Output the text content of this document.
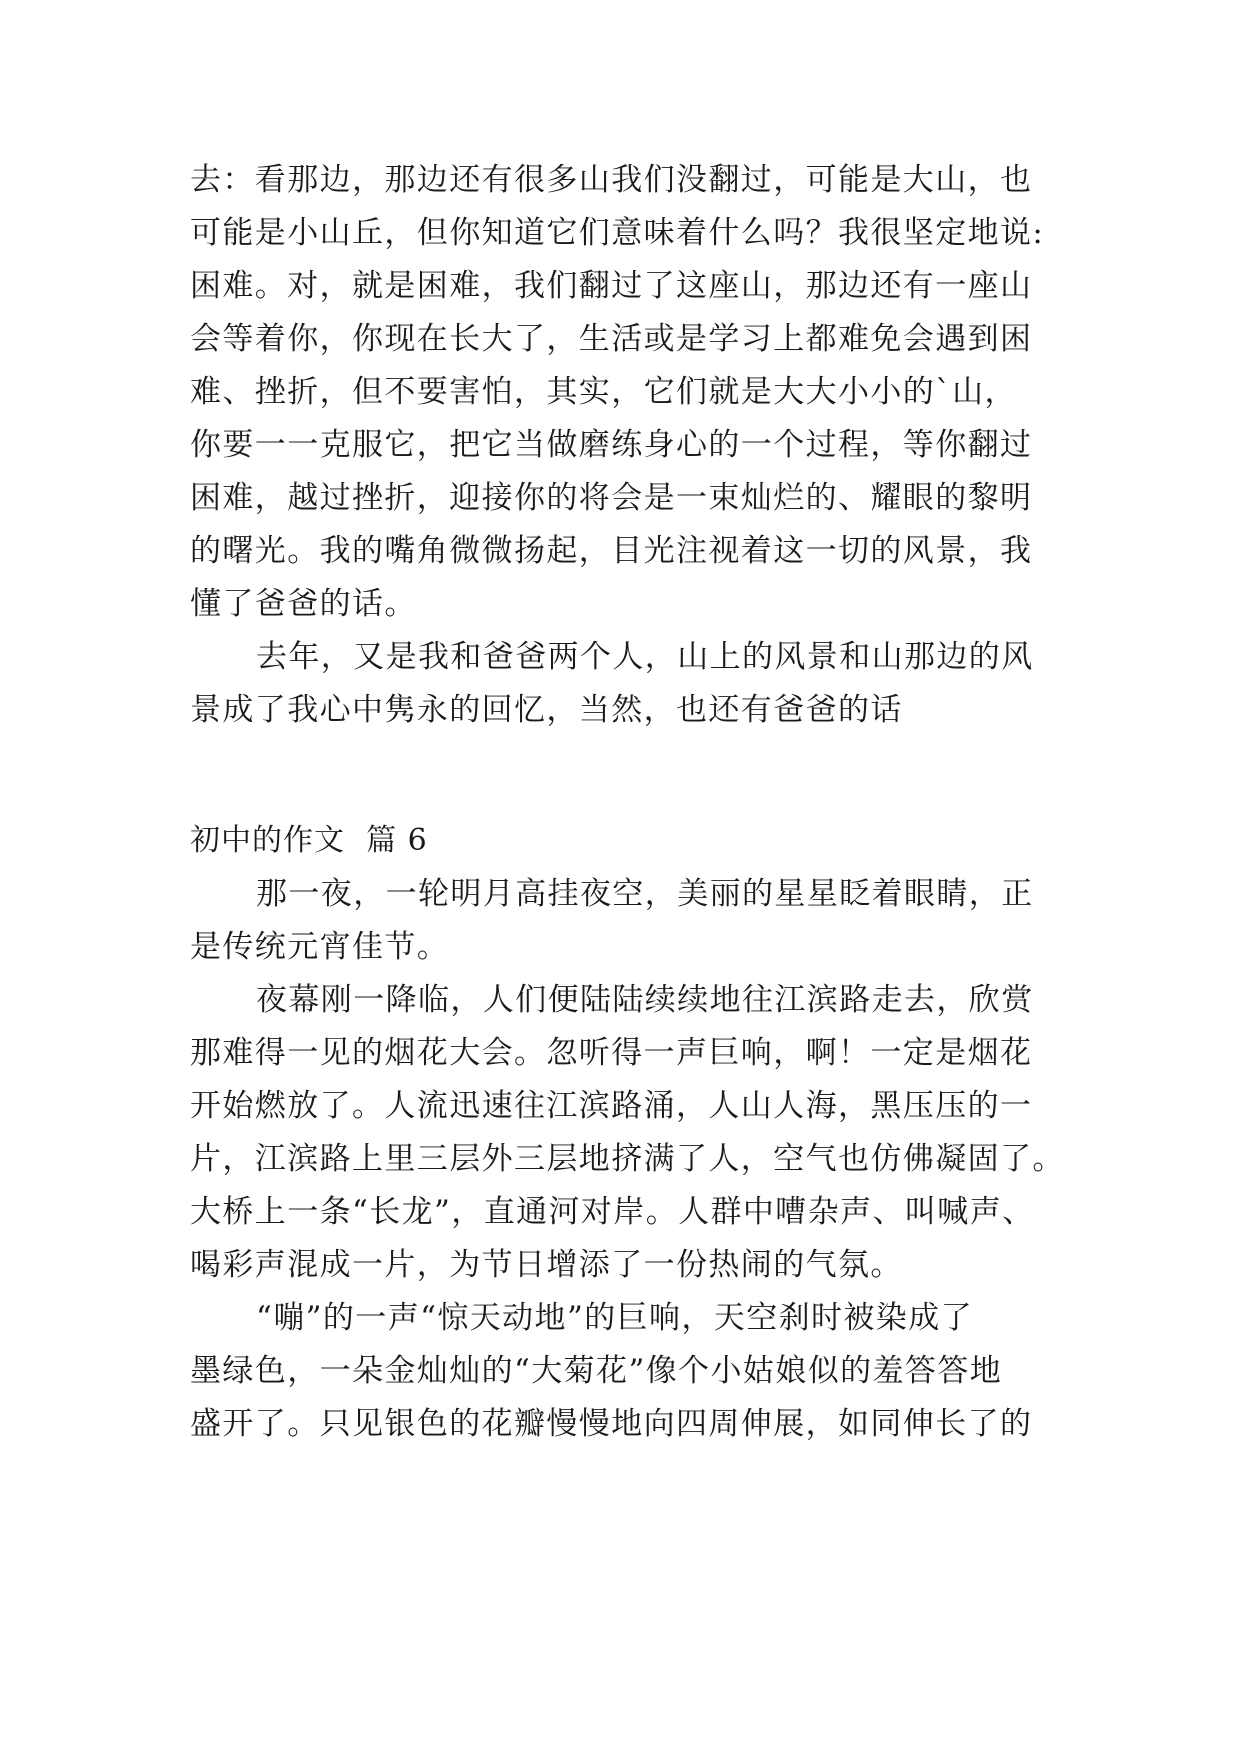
去：看那边，那边还有很多山我们没翻过，可能是大山，也
可能是小山丘，但你知道它们意味着什么吗？我很坚定地说:
困难。对，就是困难，我们翻过了这座山，那边还有一座山
会等着你，你现在长大了，生活或是学习上都难免会遇到困
难、挫折，但不要害怕，其实，它们就是大大小小的`山，
你要一一克服它，把它当做磨练身心的一个过程，等你翻过
困难，越过挫折，迎接你的将会是一束灿烂的、耀眼的黎明
的曙光。我的嘴角微微扬起，目光注视着这一切的风景，我
懂了爸爸的话。
去年，又是我和爸爸两个人，山上的风景和山那边的风
景成了我心中隽永的回忆，当然，也还有爸爸的话
初中的作文  篇 6
那一夜，一轮明月高挂夜空，美丽的星星眨着眼睛，正
是传统元宵佳节。
夜幕刚一降临，人们便陆陆续续地往江滨路走去，欣赏
那难得一见的烟花大会。忽听得一声巨响，啊！一定是烟花
开始燃放了。人流迅速往江滨路涌，人山人海，黑压压的一
片，江滨路上里三层外三层地挤满了人，空气也仿佛凝固了。
大桥上一条“长龙”，直通河对岸。人群中嘈杂声、叫喊声、
喝彩声混成一片，为节日增添了一份热闹的气氛。
“嘣”的一声“惊天动地”的巨响，天空刹时被染成了
墨绿色，一朵金灿灿的“大菊花”像个小姑娘似的羞答答地
盛开了。只见银色的花瓣慢慢地向四周伸展，如同伸长了的
